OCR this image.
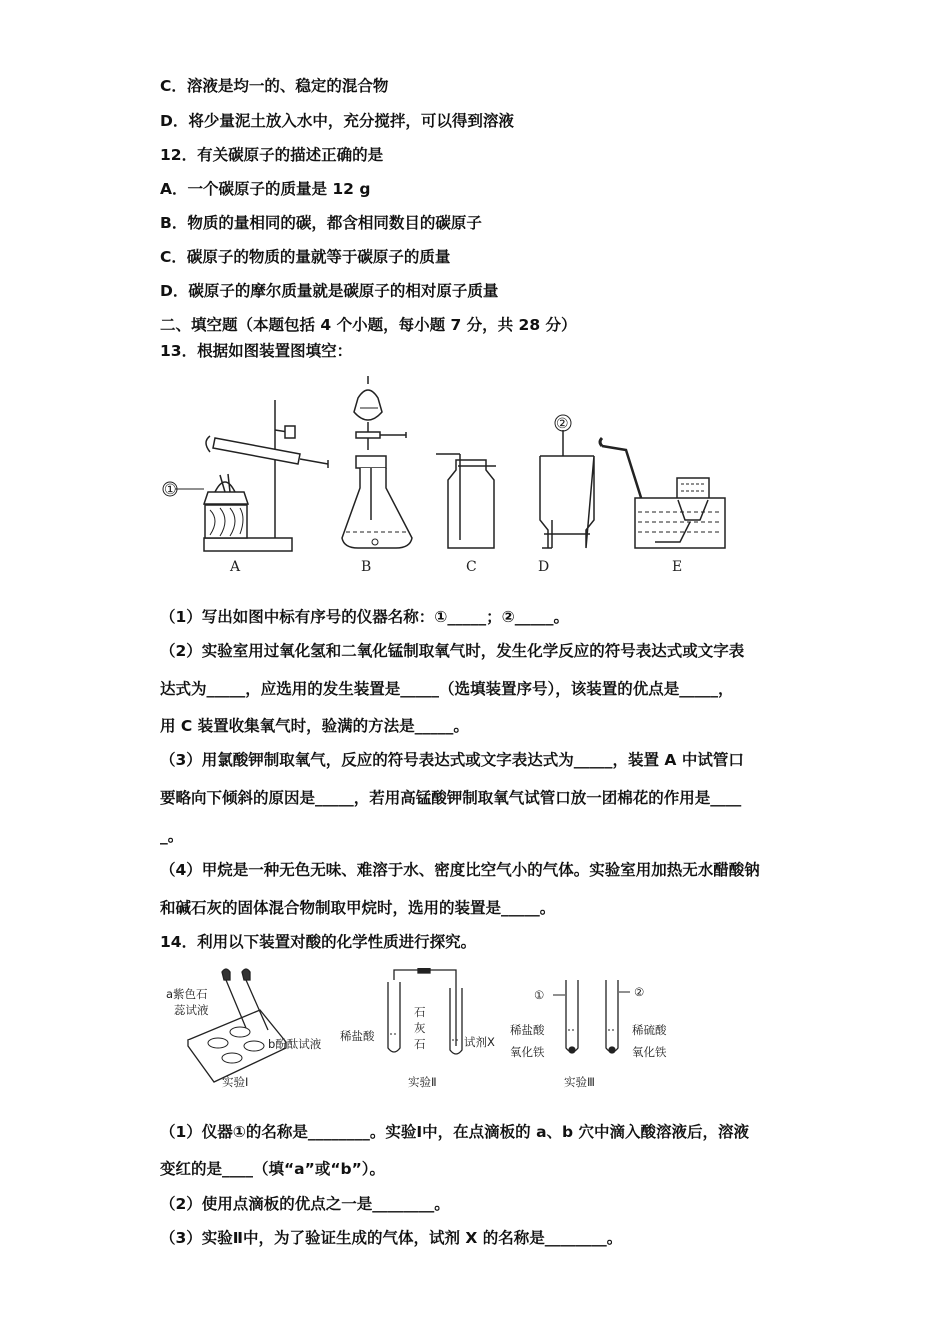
C．溶液是均一的、稳定的混合物
D．将少量泥土放入水中，充分搅拌，可以得到溶液
12．有关碳原子的描述正确的是
A．一个碳原子的质量是 12 g
B．物质的量相同的碳，都含相同数目的碳原子
C．碳原子的物质的量就等于碳原子的质量
D．碳原子的摩尔质量就是碳原子的相对原子质量
二、填空题（本题包括 4 个小题，每小题 7 分，共 28 分）
13．根据如图装置图填空：
①
②
A	B	C	D	E
（1）写出如图中标有序号的仪器名称：①_____；②_____。
（2）实验室用过氧化氢和二氧化锰制取氧气时，发生化学反应的符号表达式或文字表
达式为_____，应选用的发生装置是_____（选填装置序号），该装置的优点是_____，
用 C 装置收集氧气时，验满的方法是_____。
（3）用氯酸钾制取氧气，反应的符号表达式或文字表达式为_____，装置 A 中试管口
要略向下倾斜的原因是_____，若用高锰酸钾制取氧气试管口放一团棉花的作用是____
_。
（4）甲烷是一种无色无味、难溶于水、密度比空气小的气体。实验室用加热无水醋酸钠
和碱石灰的固体混合物制取甲烷时，选用的装置是_____。
14．利用以下装置对酸的化学性质进行探究。
a紫色石
蕊试液
b酚酞试液
实验Ⅰ
稀盐酸
石
灰
石	试剂X
实验Ⅱ
①	②
稀盐酸
氧化铁
稀硫酸
氧化铁
实验Ⅲ
（1）仪器①的名称是________。实验Ⅰ中，在点滴板的 a、b 穴中滴入酸溶液后，溶液
变红的是____（填“a”或“b”）。
（2）使用点滴板的优点之一是________。
（3）实验Ⅱ中，为了验证生成的气体，试剂 X 的名称是________。
